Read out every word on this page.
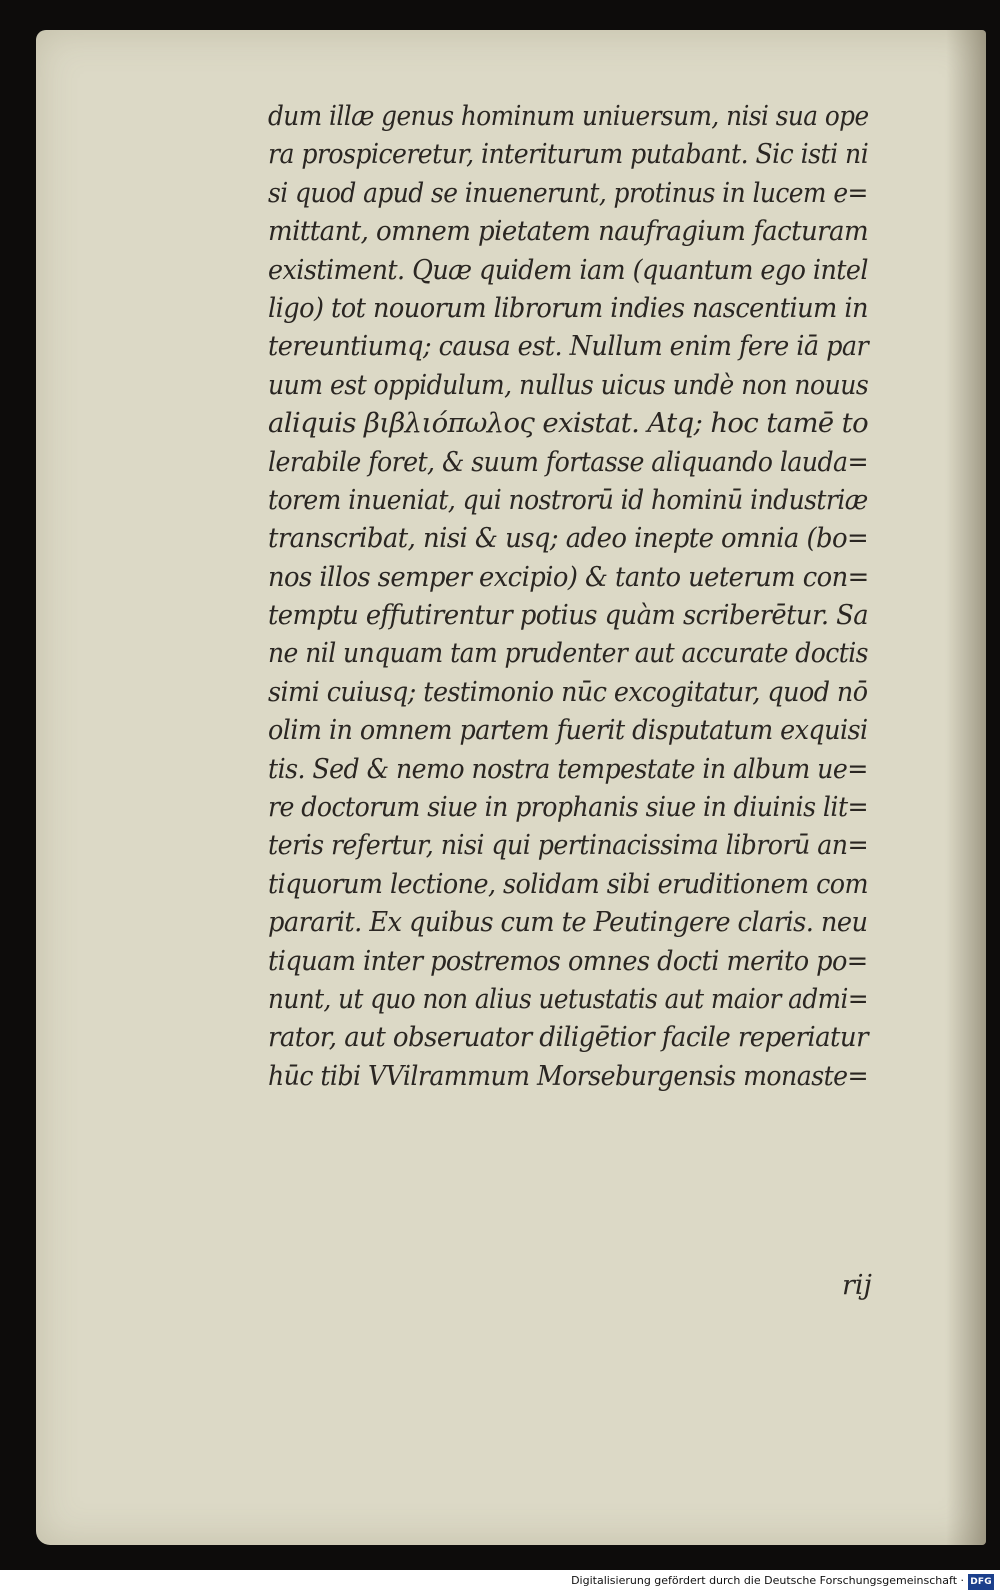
dum illæ genus hominum uniuersum, nisi sua ope
ra prospiceretur, interiturum putabant. Sic isti ni
si quod apud se inuenerunt, protinus in lucem e=
mittant, omnem pietatem naufragium facturam
existiment. Quæ quidem iam (quantum ego intel
ligo) tot nouorum librorum indies nascentium in
tereuntiumq; causa est. Nullum enim fere iā par
uum est oppidulum, nullus uicus undè non nouus
aliquis βιβλιόπωλος existat. Atq; hoc tamē to
lerabile foret, & suum fortasse aliquando lauda=
torem inueniat, qui nostrorū id hominū industriæ
transcribat, nisi & usq; adeo inepte omnia (bo=
nos illos semper excipio) & tanto ueterum con=
temptu effutirentur potius quàm scriberētur. Sa
ne nil unquam tam prudenter aut accurate doctis
simi cuiusq; testimonio nūc excogitatur, quod nō
olim in omnem partem fuerit disputatum exquisi
tis. Sed & nemo nostra tempestate in album ue=
re doctorum siue in prophanis siue in diuinis lit=
teris refertur, nisi qui pertinacissima librorū an=
tiquorum lectione, solidam sibi eruditionem com
pararit. Ex quibus cum te Peutingere claris. neu
tiquam inter postremos omnes docti merito po=
nunt, ut quo non alius uetustatis aut maior admi=
rator, aut obseruator diligētior facile reperiatur
hūc tibi VVilrammum Morseburgensis monaste=
rij
Digitalisierung gefördert durch die Deutsche Forschungsgemeinschaft · DFG
